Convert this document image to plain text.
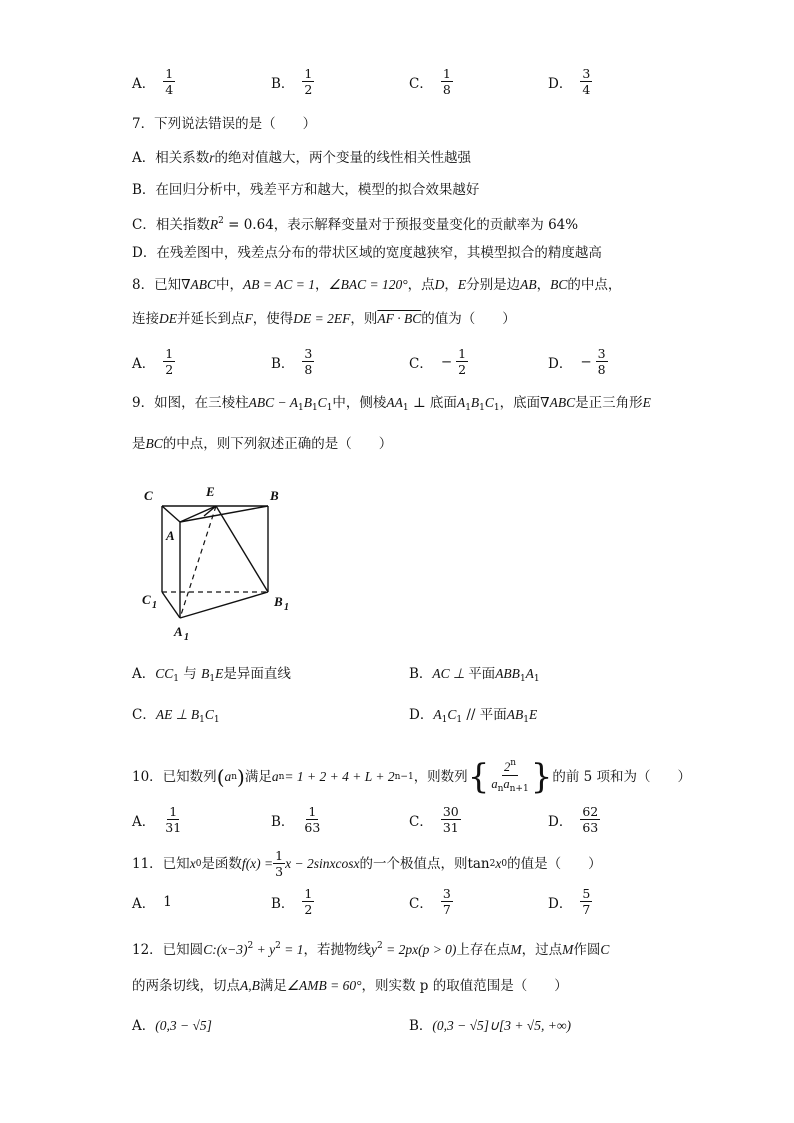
A． $\frac{1}{4}$	B． $\frac{1}{2}$	C． $\frac{1}{8}$	D． $\frac{3}{4}$
7．下列说法错误的是（　　）
A．相关系数r的绝对值越大，两个变量的线性相关性越强
B．在回归分析中，残差平方和越大，模型的拟合效果越好
C．相关指数$R^2 = 0.64$，表示解释变量对于预报变量变化的贡献率为 64%
D．在残差图中，残差点分布的带状区域的宽度越狭窄，其模型拟合的精度越高
8．已知∇ABC中，AB = AC = 1，∠BAC = 120°，点D，E分别是边AB，BC的中点，
连接DE并延长到点F，使得DE = 2EF，则AF · BC的值为（　　）
A． $\frac{1}{2}$	B． $\frac{3}{8}$	C． − $\frac{1}{2}$	D． − $\frac{3}{8}$
9．如图，在三棱柱ABC − $A_1B_1C_1$中，侧棱$AA_1$ ⊥ 底面$A_1B_1C_1$，底面∇ABC是正三角形E
是BC的中点，则下列叙述正确的是（　　）
C	E	B
A
C 1	B 1
A 1
A．$CC_1$ 与 $B_1E$是异面直线	B．AC ⊥ 平面$ABB_1A_1$
C．AE ⊥ $B_1C_1$	D．$A_1C_1$ // 平面$AB_1E$
10．已知数列 ( a n ) 满足 a n = 1 + 2 + 4 + L + 2 n−1 ，则数列 { $\frac{2^n}{a_na_{n+1}}$ } 的前 5 项和为（　　）
A． $\frac{1}{31}$	B． $\frac{1}{63}$	C． $\frac{30}{31}$	D． $\frac{62}{63}$
11．已知 x 0 是函数 f $(x) = \frac{1}{3}$ x − 2sinxcosx 的一个极值点，则 tan 2 x 0 的值是（　　）
A． 1	B． $\frac{1}{2}$	C． $\frac{3}{7}$	D． $\frac{5}{7}$
12．已知圆$C:(x-3)^2 + y^2 = 1$，若抛物线$y^2 = 2px(p > 0)$上存在点M，过点M作圆C
的两条切线，切点A,B满足∠AMB = 60°，则实数 p 的取值范围是（　　）
A．(0,3 − √5]	B．(0,3 − √5]∪[3 + √5, +∞)
